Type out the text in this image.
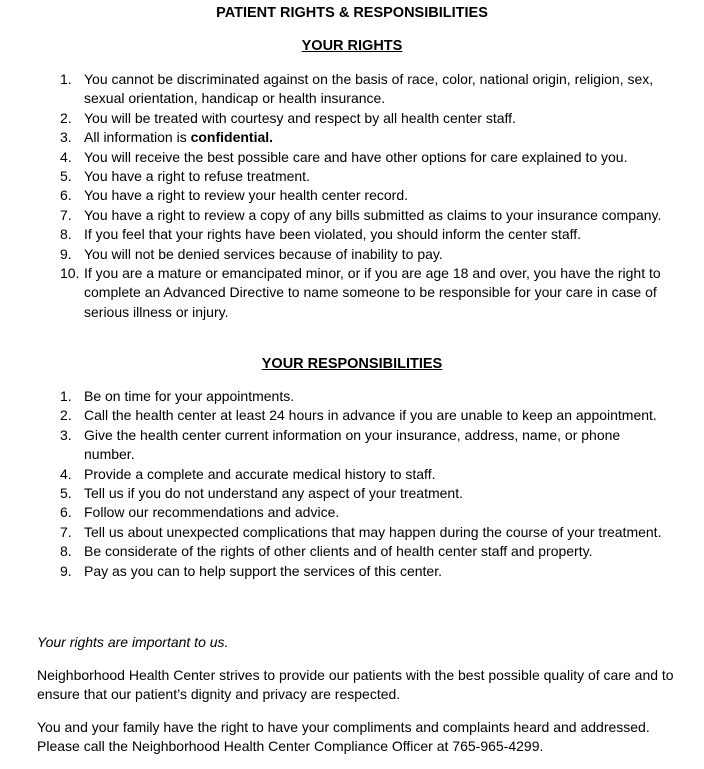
PATIENT RIGHTS & RESPONSIBILITIES
YOUR RIGHTS
1. You cannot be discriminated against on the basis of race, color, national origin, religion, sex, sexual orientation, handicap or health insurance.
2. You will be treated with courtesy and respect by all health center staff.
3. All information is confidential.
4. You will receive the best possible care and have other options for care explained to you.
5. You have a right to refuse treatment.
6. You have a right to review your health center record.
7. You have a right to review a copy of any bills submitted as claims to your insurance company.
8. If you feel that your rights have been violated, you should inform the center staff.
9. You will not be denied services because of inability to pay.
10. If you are a mature or emancipated minor, or if you are age 18 and over, you have the right to complete an Advanced Directive to name someone to be responsible for your care in case of serious illness or injury.
YOUR RESPONSIBILITIES
1. Be on time for your appointments.
2. Call the health center at least 24 hours in advance if you are unable to keep an appointment.
3. Give the health center current information on your insurance, address, name, or phone number.
4. Provide a complete and accurate medical history to staff.
5. Tell us if you do not understand any aspect of your treatment.
6. Follow our recommendations and advice.
7. Tell us about unexpected complications that may happen during the course of your treatment.
8. Be considerate of the rights of other clients and of health center staff and property.
9. Pay as you can to help support the services of this center.
Your rights are important to us.
Neighborhood Health Center strives to provide our patients with the best possible quality of care and to ensure that our patient’s dignity and privacy are respected.
You and your family have the right to have your compliments and complaints heard and addressed. Please call the Neighborhood Health Center Compliance Officer at 765-965-4299.
